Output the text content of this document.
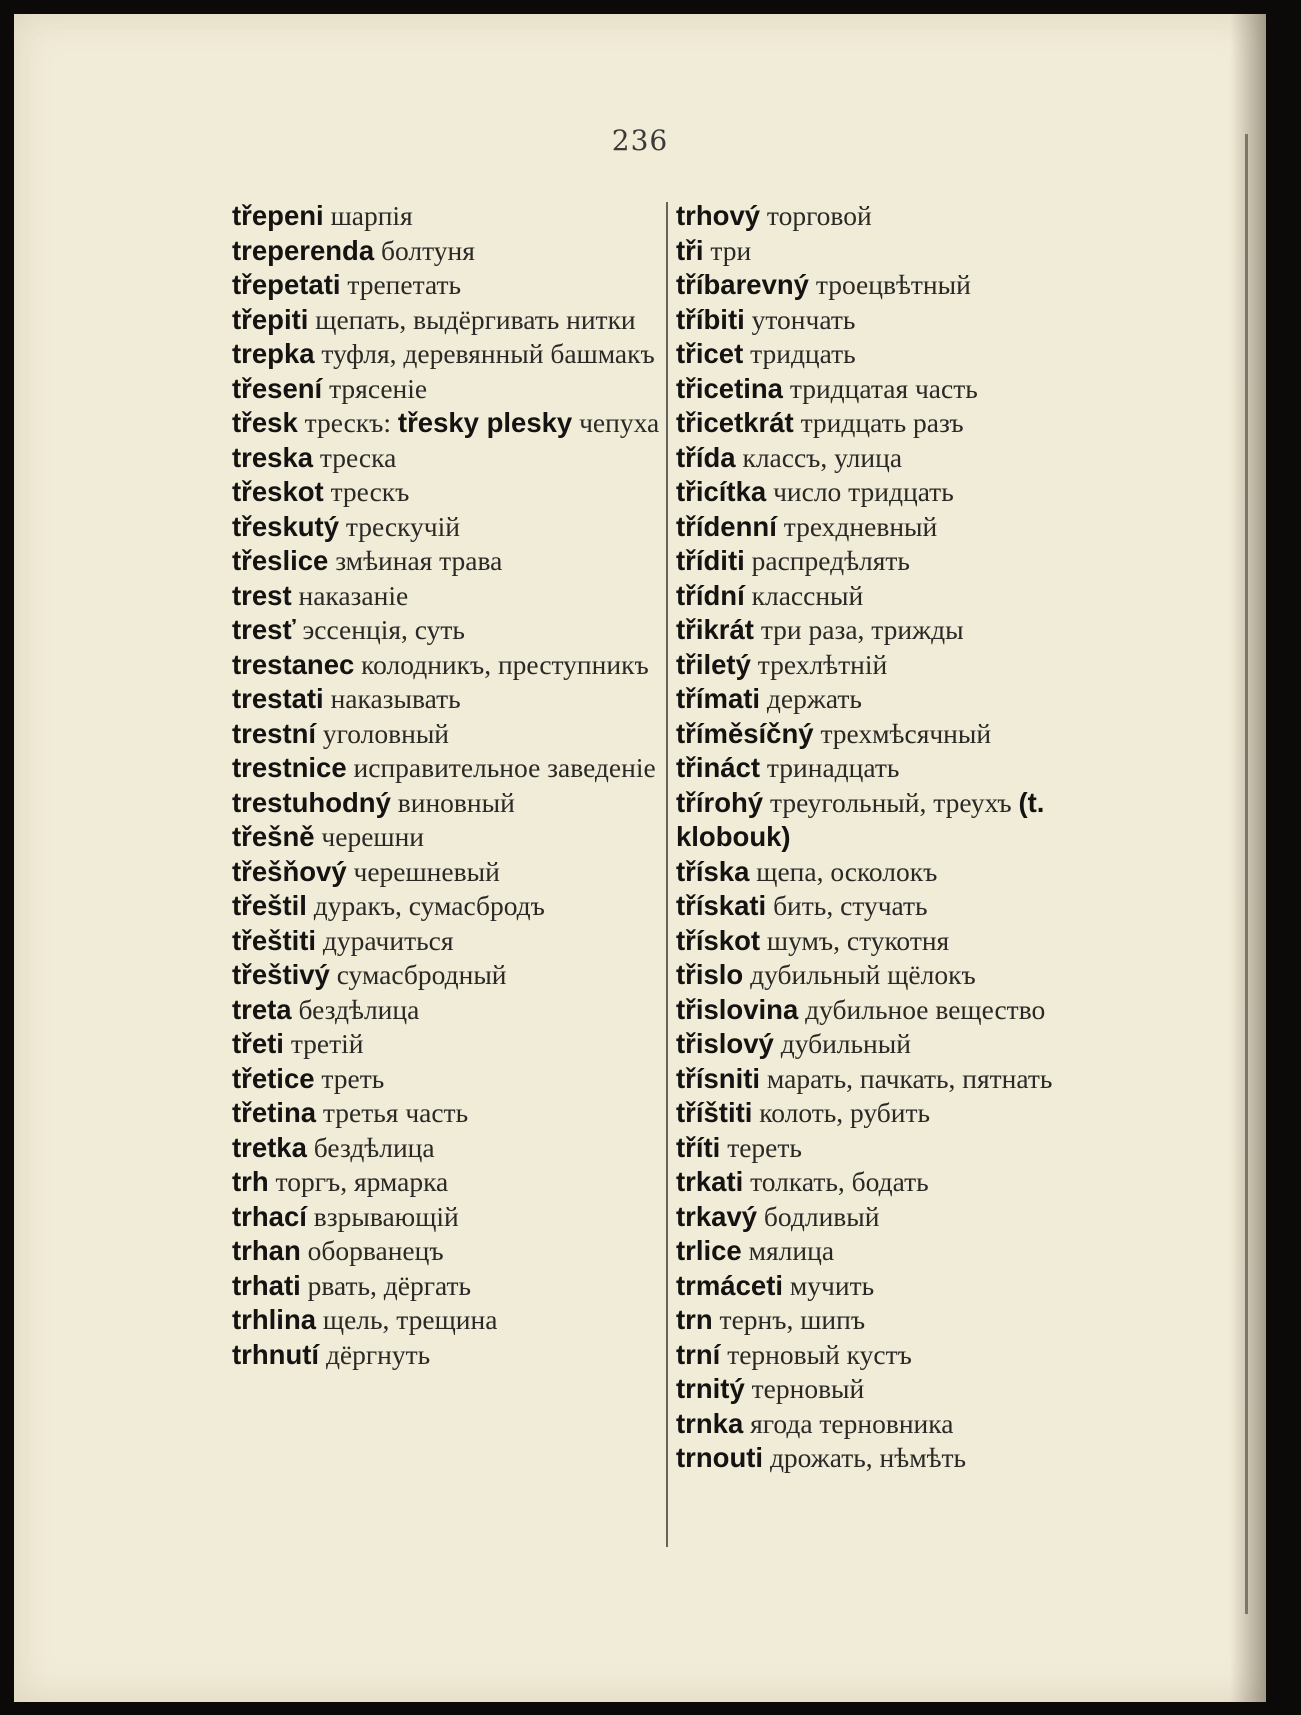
236
třepeni шарпія
treperenda болтуня
třepetati трепетать
třepiti щепать, выдёргивать нитки
trepka туфля, деревянный башмакъ
třesení трясеніе
třesk трескъ: třesky plesky чепуха
treska треска
třeskot трескъ
třeskutý трескучій
třeslice змѣиная трава
trest наказаніе
tresť эссенція, суть
trestanec колодникъ, преступникъ
trestati наказывать
trestní уголовный
trestnice исправительное заведеніе
trestuhodný виновный
třešně черешни
třešňový черешневый
třeštil дуракъ, сумасбродъ
třeštiti дурачиться
třeštivý сумасбродный
treta бездѣлица
třeti третій
třetice треть
třetina третья часть
tretka бездѣлица
trh торгъ, ярмарка
trhací взрывающій
trhan оборванецъ
trhati рвать, дёргать
trhlina щель, трещина
trhnutí дёргнуть
trhový торговой
tři три
tříbarevný троецвѣтный
tříbiti утончать
třicet тридцать
třicetina тридцатая часть
třicetkrát тридцать разъ
třída классъ, улица
třicítka число тридцать
třídenní трехдневный
tříditi распредѣлять
třídní классный
třikrát три раза, трижды
třiletý трехлѣтній
třímati держать
tříměsíčný трехмѣсячный
třináct тринадцать
třírohý треугольный, треухъ (t. klobouk)
tříska щепа, осколокъ
třískati бить, стучать
třískot шумъ, стукотня
třislo дубильный щёлокъ
třislovina дубильное вещество
třislový дубильный
třísniti марать, пачкать, пятнать
tříštiti колоть, рубить
tříti тереть
trkati толкать, бодать
trkavý бодливый
trlice мялица
trmáceti мучить
trn тернъ, шипъ
trní терновый кустъ
trnitý терновый
trnka ягода терновника
trnouti дрожать, нѣмѣть
